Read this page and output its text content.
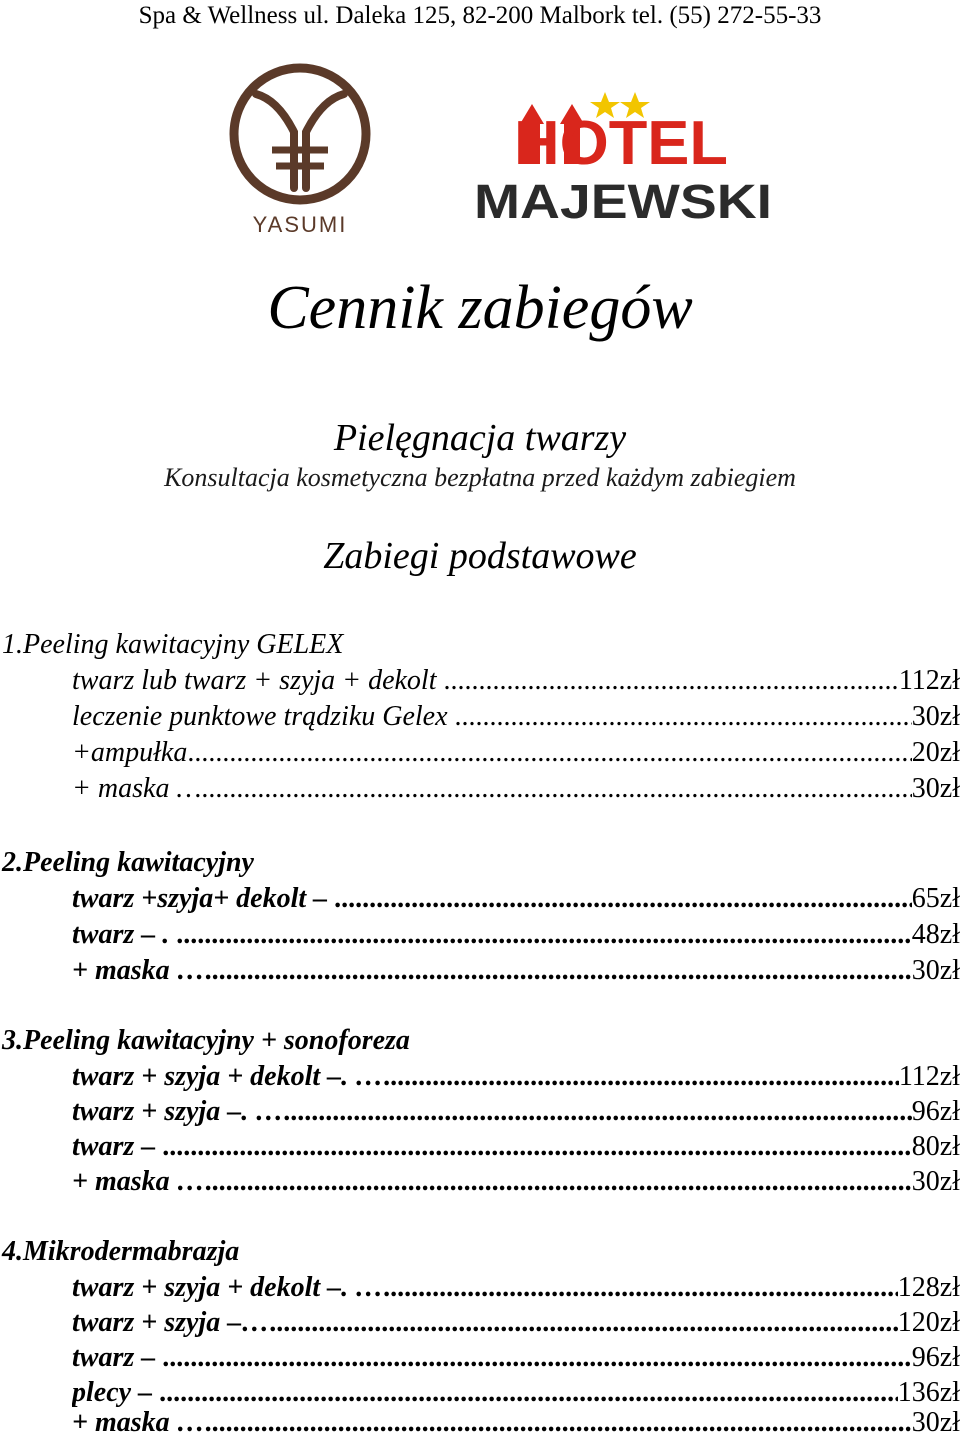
Spa & Wellness ul. Daleka 125, 82-200 Malbork tel. (55) 272-55-33
YASUMI
HOTEL
MAJEWSKI
Cennik zabiegów
Pielęgnacja twarzy
Konsultacja kosmetyczna bezpłatna przed każdym zabiegiem
Zabiegi podstawowe
1.Peeling kawitacyjny GELEX
twarz lub twarz + szyja + dekolt .....	112zł
leczenie punktowe trądziku Gelex .....	30zł
+ampułka .....	20zł
+ maska … .....	30zł
2.Peeling kawitacyjny
twarz +szyja+ dekolt – .....	65zł
twarz – . .....	48zł
+ maska … .....	30zł
3.Peeling kawitacyjny + sonoforeza
twarz + szyja + dekolt –. … .....	112zł
twarz + szyja –. … .....	96zł
twarz – .....	80zł
+ maska … .....	30zł
4.Mikrodermabrazja
twarz + szyja + dekolt –. … .....	128zł
twarz + szyja –… .....	120zł
twarz – .....	96zł
plecy – .....	136zł
+ maska … .....	30zł
